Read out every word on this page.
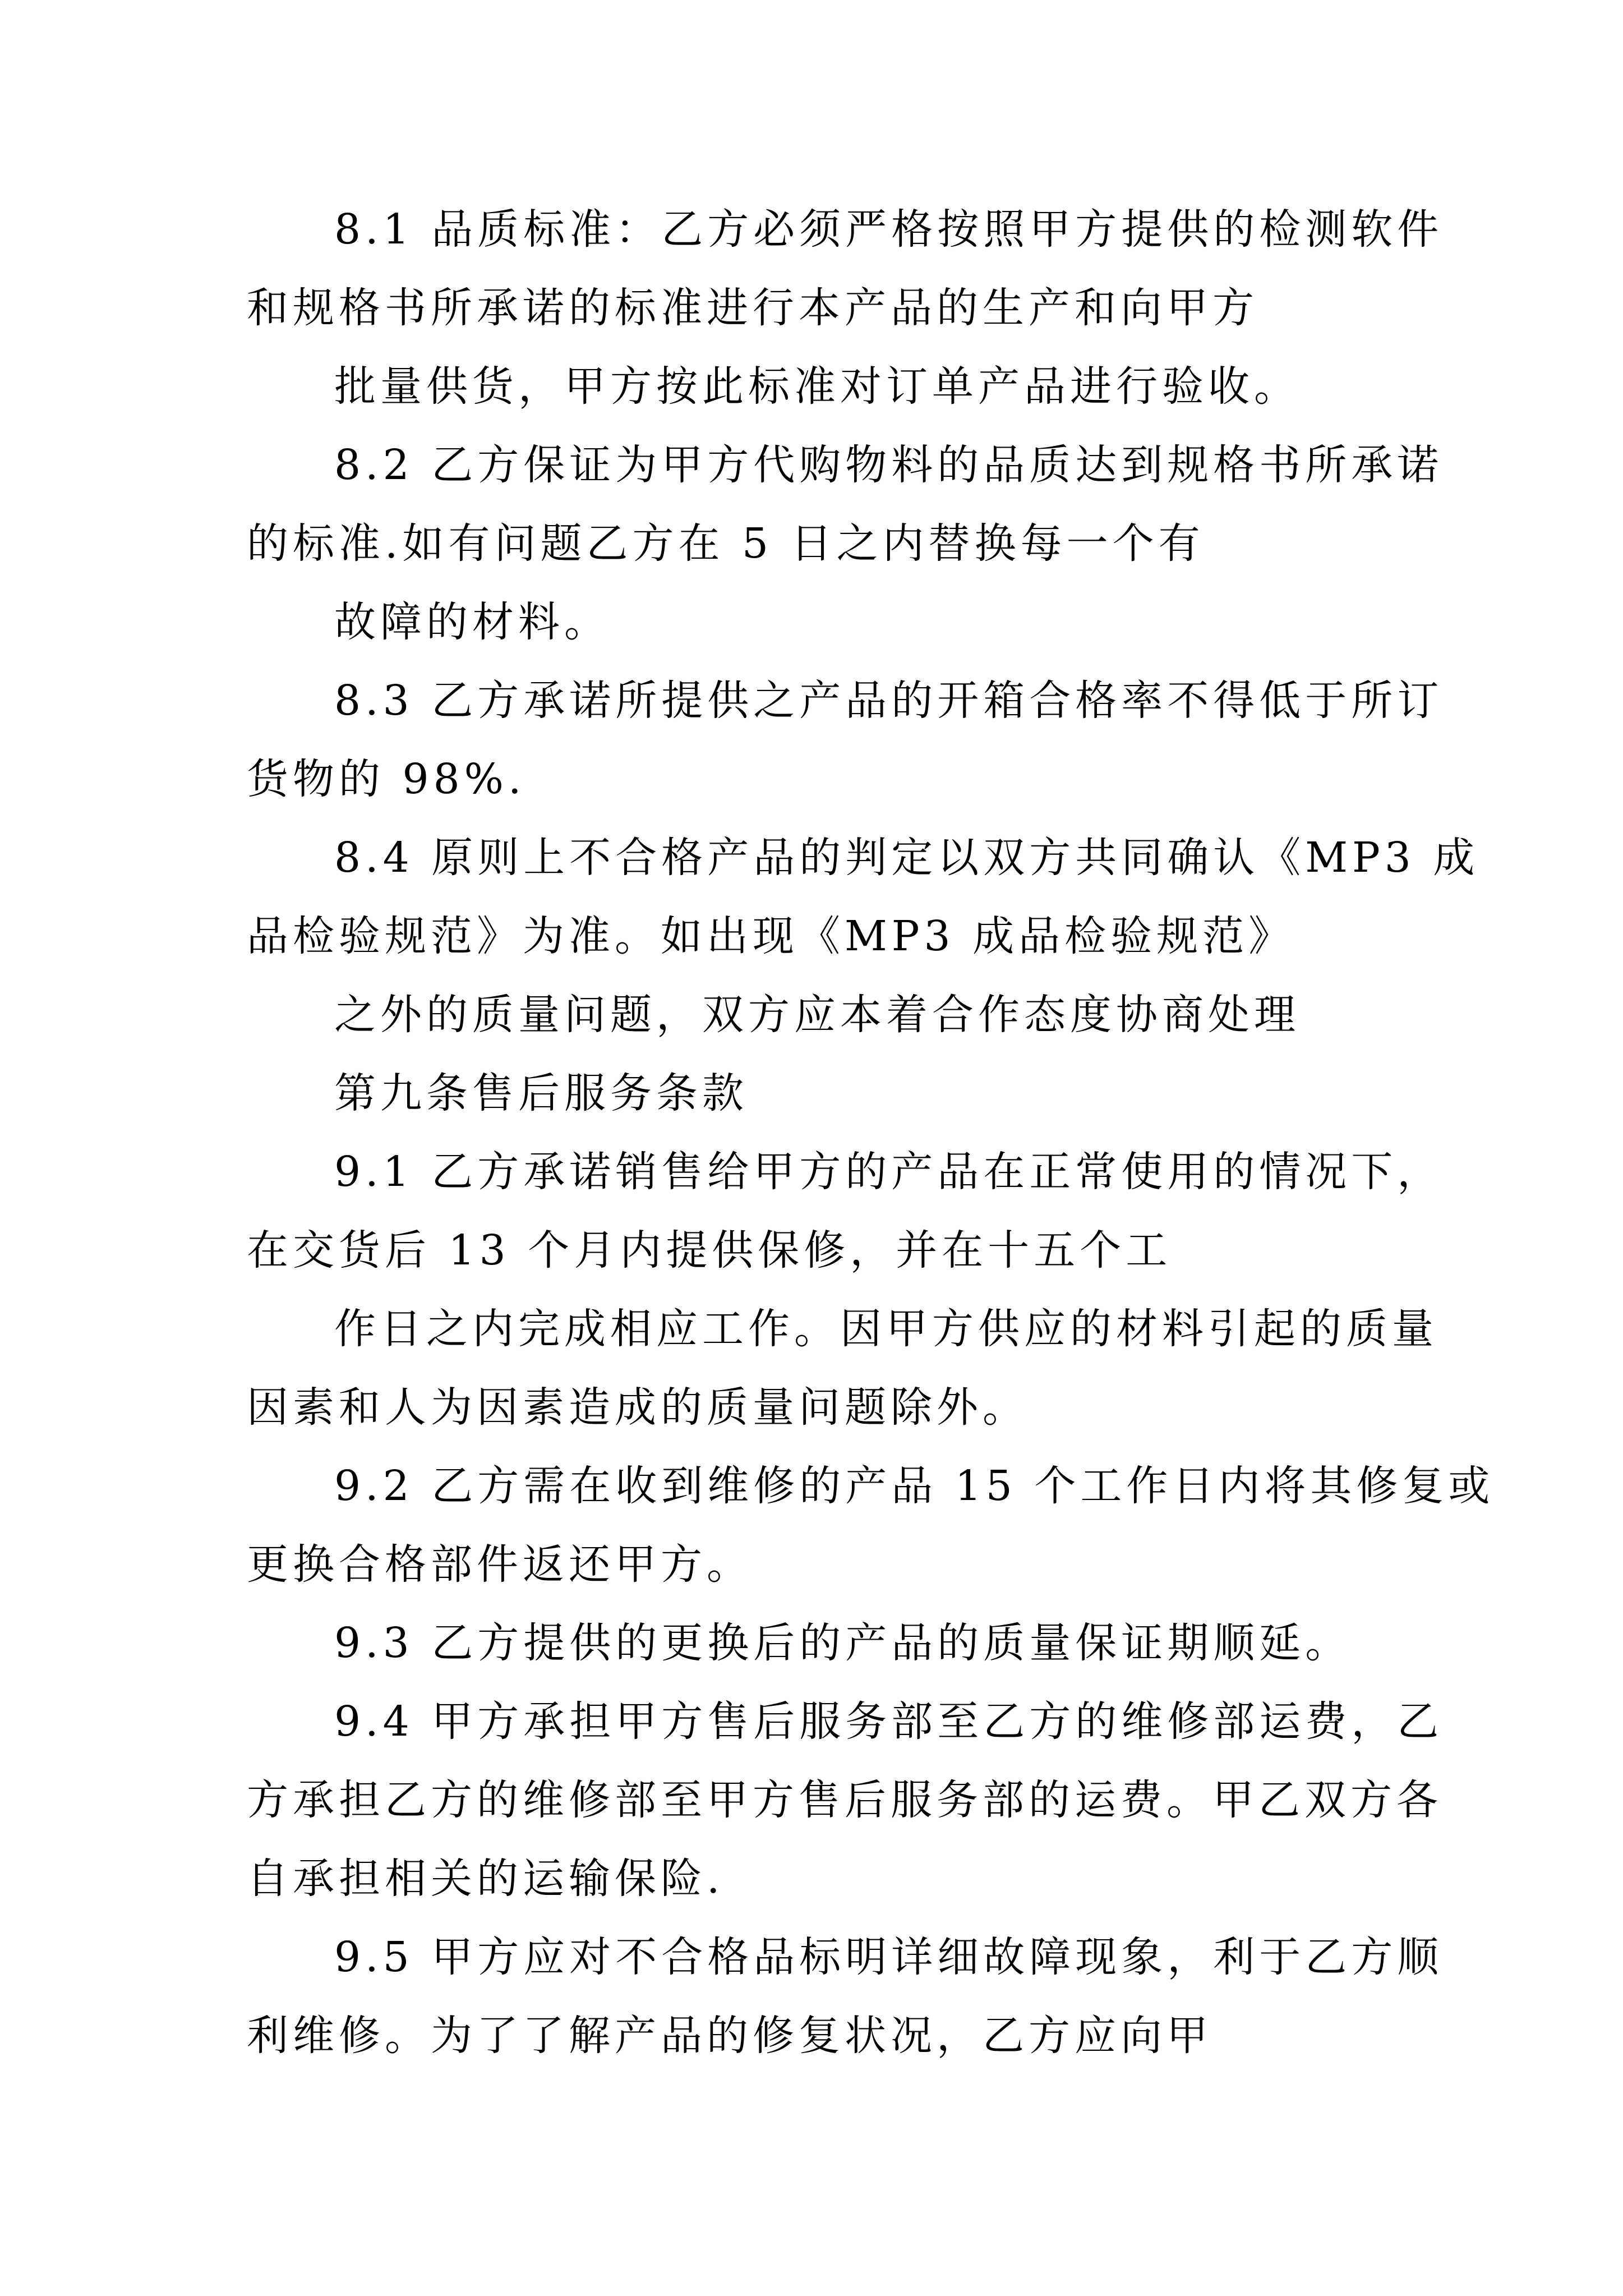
8.1 品质标准：乙方必须严格按照甲方提供的检测软件
和规格书所承诺的标准进行本产品的生产和向甲方
批量供货，甲方按此标准对订单产品进行验收。
8.2 乙方保证为甲方代购物料的品质达到规格书所承诺
的标准.如有问题乙方在 5 日之内替换每一个有
故障的材料。
8.3 乙方承诺所提供之产品的开箱合格率不得低于所订
货物的 98%.
8.4 原则上不合格产品的判定以双方共同确认《MP3 成
品检验规范》为准。如出现《MP3 成品检验规范》
之外的质量问题，双方应本着合作态度协商处理
第九条售后服务条款
9.1 乙方承诺销售给甲方的产品在正常使用的情况下，
在交货后 13 个月内提供保修，并在十五个工
作日之内完成相应工作。因甲方供应的材料引起的质量
因素和人为因素造成的质量问题除外。
9.2 乙方需在收到维修的产品 15 个工作日内将其修复或
更换合格部件返还甲方。
9.3 乙方提供的更换后的产品的质量保证期顺延。
9.4 甲方承担甲方售后服务部至乙方的维修部运费，乙
方承担乙方的维修部至甲方售后服务部的运费。甲乙双方各
自承担相关的运输保险.
9.5 甲方应对不合格品标明详细故障现象，利于乙方顺
利维修。为了了解产品的修复状况，乙方应向甲
